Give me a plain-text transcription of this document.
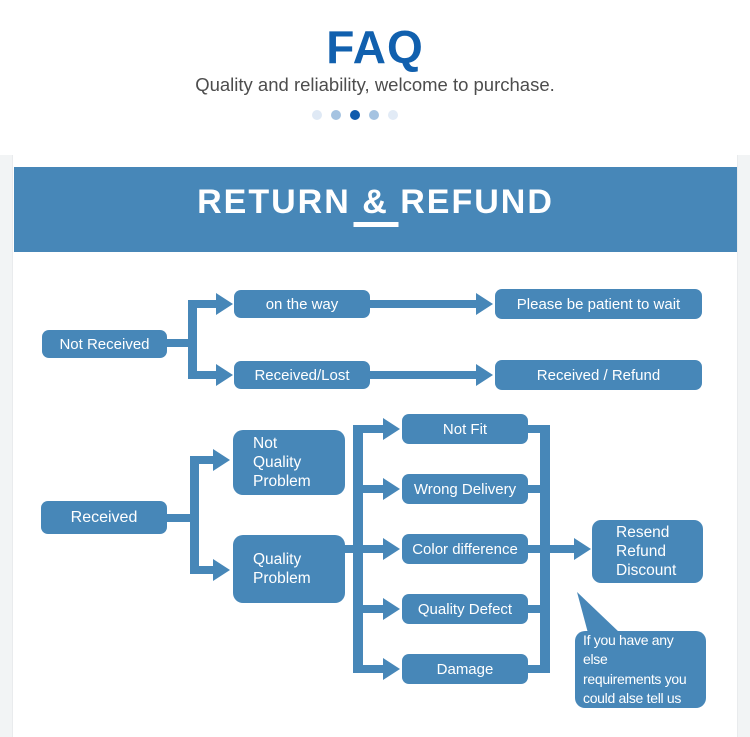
FAQ
Quality and reliability, welcome to purchase.
RETURN & REFUND
Not Received
on the way	Please be patient to wait
Received/Lost	Received / Refund
Received
Not
Quality
Problem
Quality
Problem
Not Fit
Wrong Delivery
Color difference
Quality Defect
Damage
Resend
Refund
Discount
If you have any else
requirements you
could alse tell us
